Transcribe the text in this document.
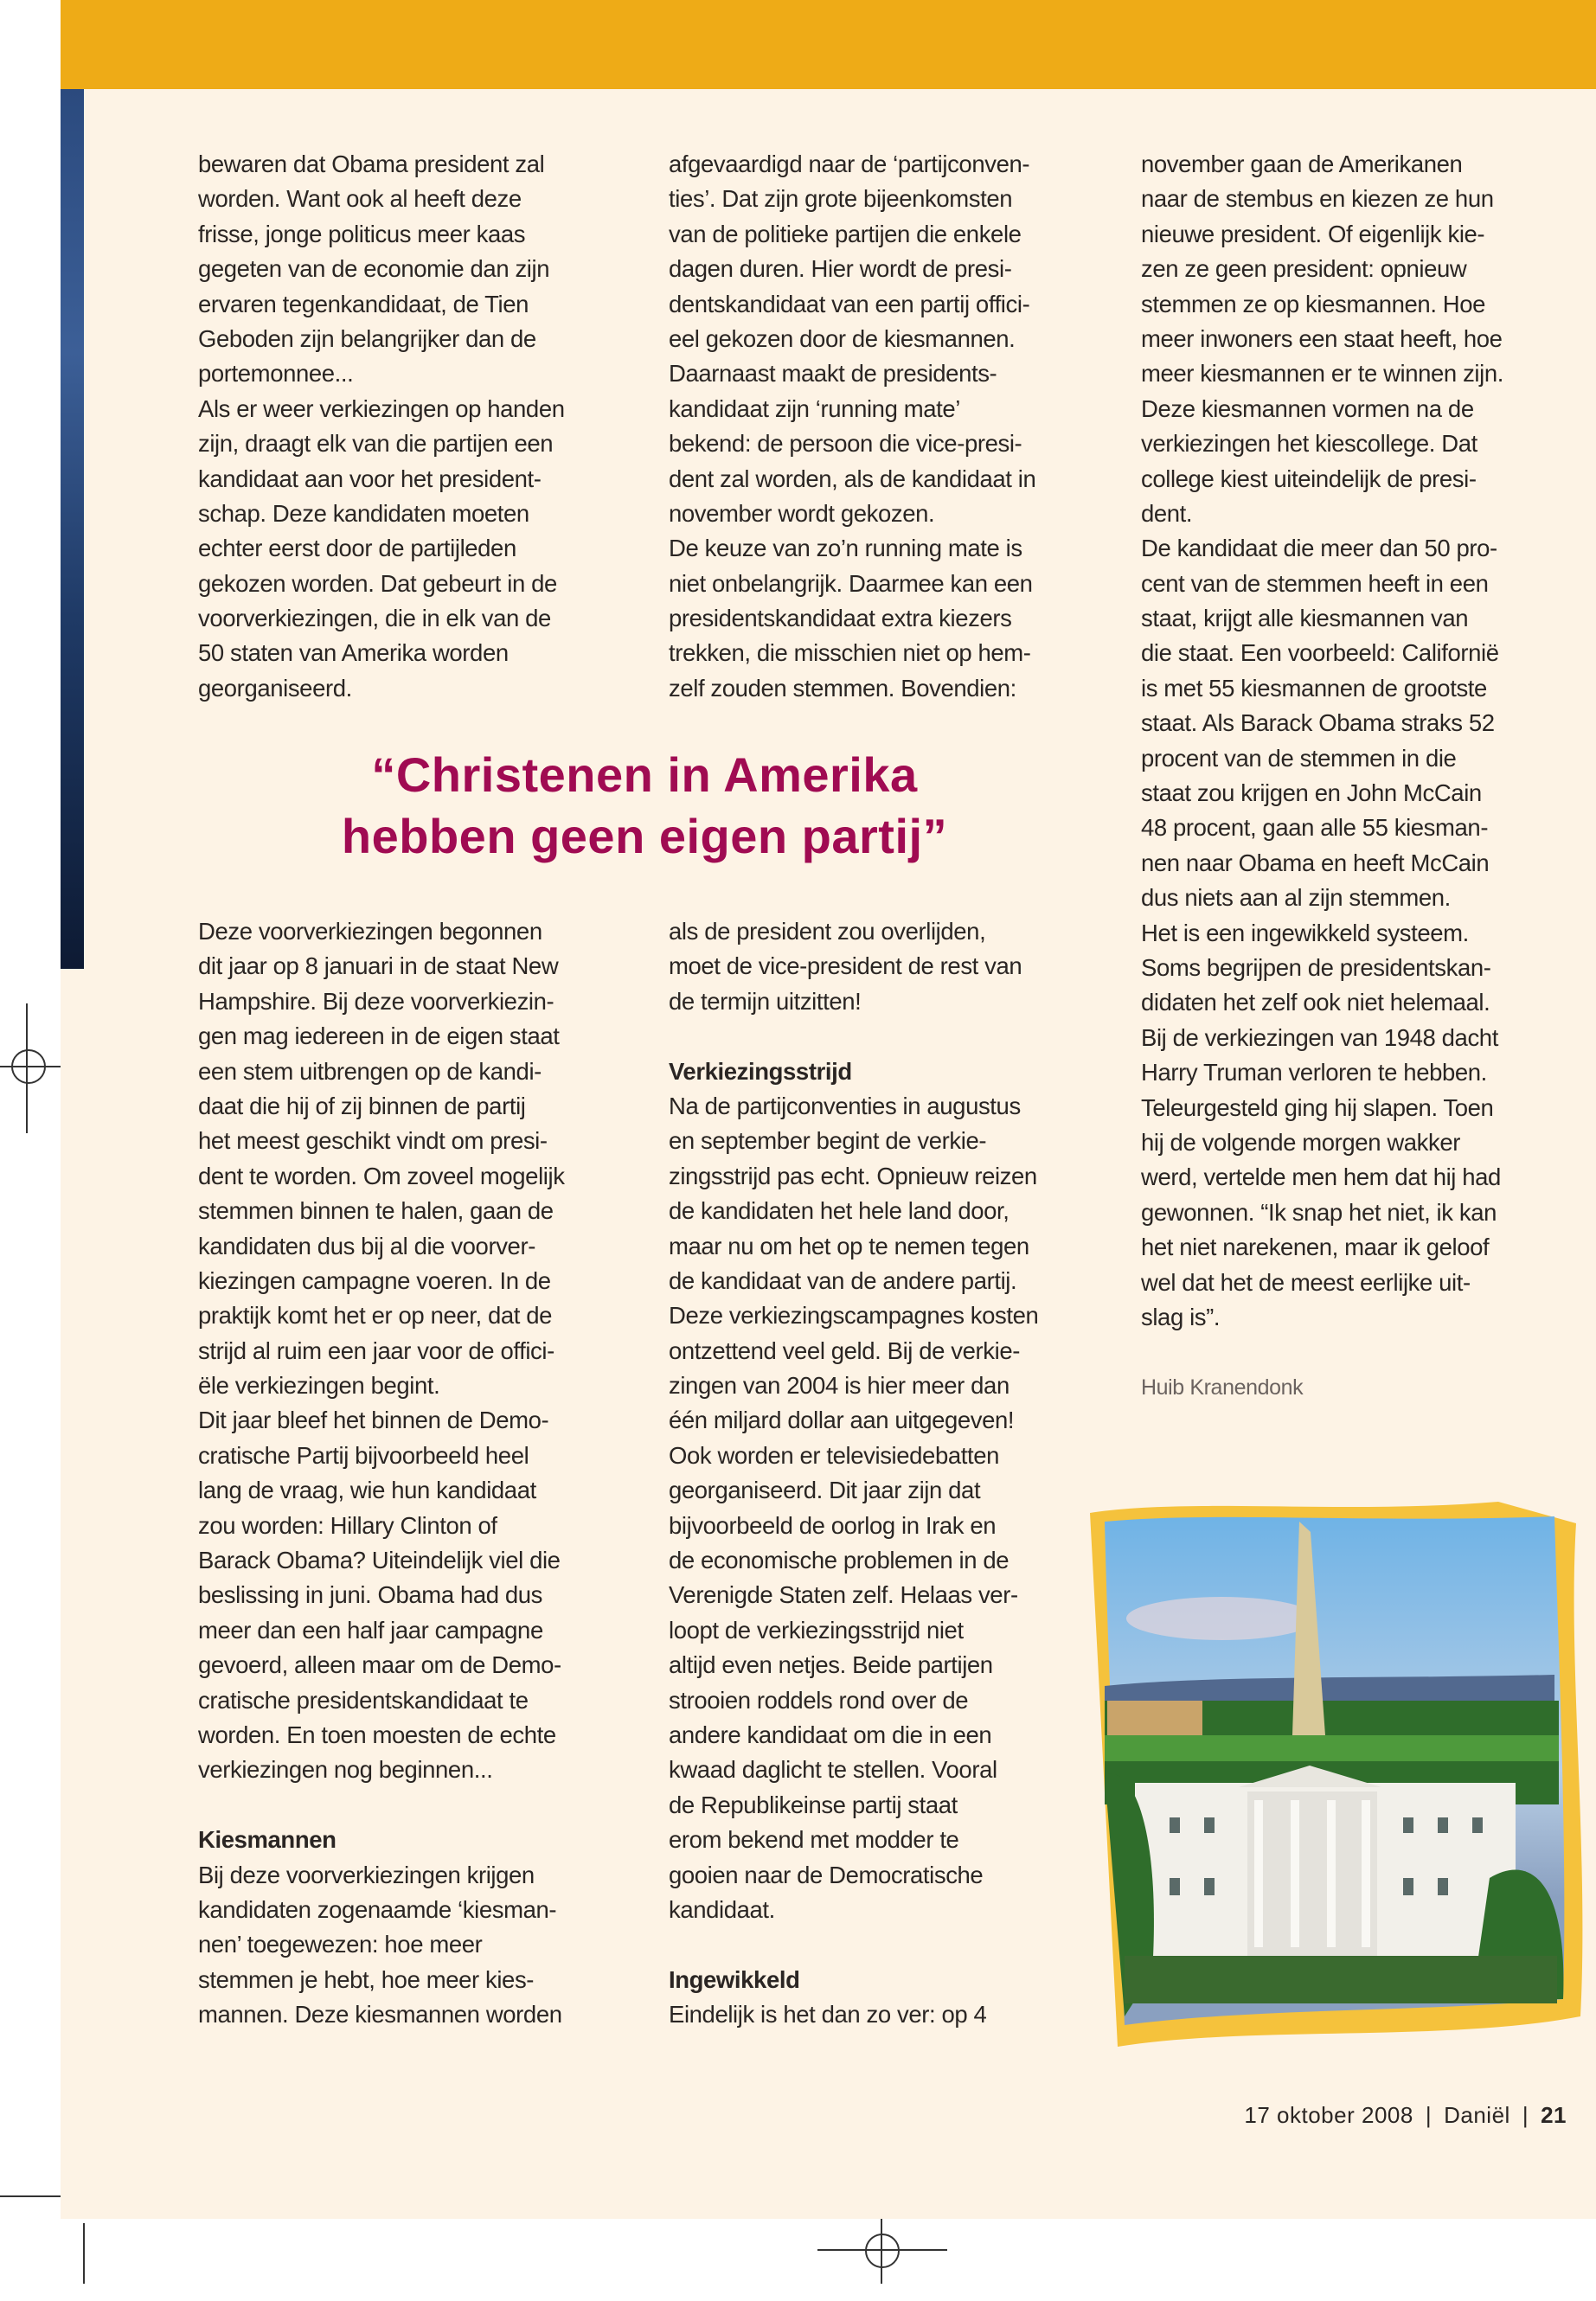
bewaren dat Obama president zal
worden. Want ook al heeft deze
frisse, jonge politicus meer kaas
gegeten van de economie dan zijn
ervaren tegenkandidaat, de Tien
Geboden zijn belangrijker dan de
portemonnee...
Als er weer verkiezingen op handen
zijn, draagt elk van die partijen een
kandidaat aan voor het president-
schap. Deze kandidaten moeten
echter eerst door de partijleden
gekozen worden. Dat gebeurt in de
voorverkiezingen, die in elk van de
50 staten van Amerika worden
georganiseerd.
afgevaardigd naar de ‘partijconven-
ties’. Dat zijn grote bijeenkomsten
van de politieke partijen die enkele
dagen duren. Hier wordt de presi-
dentskandidaat van een partij offici-
eel gekozen door de kiesmannen.
Daarnaast maakt de presidents-
kandidaat zijn ‘running mate’
bekend: de persoon die vice-presi-
dent zal worden, als de kandidaat in
november wordt gekozen.
De keuze van zo’n running mate is
niet onbelangrijk. Daarmee kan een
presidentskandidaat extra kiezers
trekken, die misschien niet op hem-
zelf zouden stemmen. Bovendien:
november gaan de Amerikanen
naar de stembus en kiezen ze hun
nieuwe president. Of eigenlijk kie-
zen ze geen president: opnieuw
stemmen ze op kiesmannen. Hoe
meer inwoners een staat heeft, hoe
meer kiesmannen er te winnen zijn.
Deze kiesmannen vormen na de
verkiezingen het kiescollege. Dat
college kiest uiteindelijk de presi-
dent.
De kandidaat die meer dan 50 pro-
cent van de stemmen heeft in een
staat, krijgt alle kiesmannen van
die staat. Een voorbeeld: Californië
is met 55 kiesmannen de grootste
staat. Als Barack Obama straks 52
procent van de stemmen in die
staat zou krijgen en John McCain
48 procent, gaan alle 55 kiesman-
nen naar Obama en heeft McCain
dus niets aan al zijn stemmen.
Het is een ingewikkeld systeem.
Soms begrijpen de presidentskan-
didaten het zelf ook niet helemaal.
Bij de verkiezingen van 1948 dacht
Harry Truman verloren te hebben.
Teleurgesteld ging hij slapen. Toen
hij de volgende morgen wakker
werd, vertelde men hem dat hij had
gewonnen. “Ik snap het niet, ik kan
het niet narekenen, maar ik geloof
wel dat het de meest eerlijke uit-
slag is”.
Huib Kranendonk
“Christenen in Amerika
hebben geen eigen partij”
Deze voorverkiezingen begonnen
dit jaar op 8 januari in de staat New
Hampshire. Bij deze voorverkiezin-
gen mag iedereen in de eigen staat
een stem uitbrengen op de kandi-
daat die hij of zij binnen de partij
het meest geschikt vindt om presi-
dent te worden. Om zoveel mogelijk
stemmen binnen te halen, gaan de
kandidaten dus bij al die voorver-
kiezingen campagne voeren. In de
praktijk komt het er op neer, dat de
strijd al ruim een jaar voor de offici-
ële verkiezingen begint.
Dit jaar bleef het binnen de Demo-
cratische Partij bijvoorbeeld heel
lang de vraag, wie hun kandidaat
zou worden: Hillary Clinton of
Barack Obama? Uiteindelijk viel die
beslissing in juni. Obama had dus
meer dan een half jaar campagne
gevoerd, alleen maar om de Demo-
cratische presidentskandidaat te
worden. En toen moesten de echte
verkiezingen nog beginnen...
Kiesmannen
Bij deze voorverkiezingen krijgen
kandidaten zogenaamde ‘kiesman-
nen’ toegewezen: hoe meer
stemmen je hebt, hoe meer kies-
mannen. Deze kiesmannen worden
als de president zou overlijden,
moet de vice-president de rest van
de termijn uitzitten!
Verkiezingsstrijd
Na de partijconventies in augustus
en september begint de verkie-
zingsstrijd pas echt. Opnieuw reizen
de kandidaten het hele land door,
maar nu om het op te nemen tegen
de kandidaat van de andere partij.
Deze verkiezingscampagnes kosten
ontzettend veel geld. Bij de verkie-
zingen van 2004 is hier meer dan
één miljard dollar aan uitgegeven!
Ook worden er televisiedebatten
georganiseerd. Dit jaar zijn dat
bijvoorbeeld de oorlog in Irak en
de economische problemen in de
Verenigde Staten zelf. Helaas ver-
loopt de verkiezingsstrijd niet
altijd even netjes. Beide partijen
strooien roddels rond over de
andere kandidaat om die in een
kwaad daglicht te stellen. Vooral
de Republikeinse partij staat
erom bekend met modder te
gooien naar de Democratische
kandidaat.
Ingewikkeld
Eindelijk is het dan zo ver: op 4
17 oktober 2008 | Daniël | 21
